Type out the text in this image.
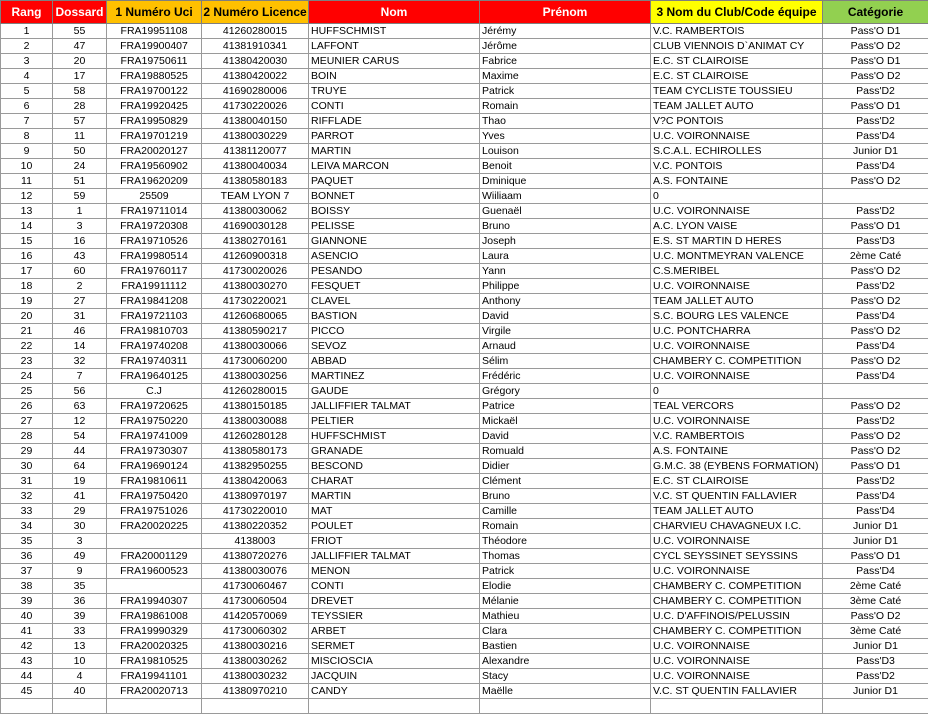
Rang	Dossard	1 Numéro Uci	2 Numéro Licence	Nom	Prénom	3 Nom du Club/Code équipe	Catégorie
1	55	FRA19951108	41260280015	HUFFSCHMIST	Jérémy	V.C. RAMBERTOIS	Pass'O D1
2	47	FRA19900407	41381910341	LAFFONT	Jérôme	CLUB VIENNOIS D`ANIMAT CY	Pass'O D2
3	20	FRA19750611	41380420030	MEUNIER CARUS	Fabrice	E.C. ST CLAIROISE	Pass'O D1
4	17	FRA19880525	41380420022	BOIN	Maxime	E.C. ST CLAIROISE	Pass'O D2
5	58	FRA19700122	41690280006	TRUYE	Patrick	TEAM CYCLISTE TOUSSIEU	Pass'D2
6	28	FRA19920425	41730220026	CONTI	Romain	TEAM JALLET AUTO	Pass'O D1
7	57	FRA19950829	41380040150	RIFFLADE	Thao	V?C PONTOIS	Pass'D2
8	11	FRA19701219	41380030229	PARROT	Yves	U.C. VOIRONNAISE	Pass'D4
9	50	FRA20020127	41381120077	MARTIN	Louison	S.C.A.L. ECHIROLLES	Junior D1
10	24	FRA19560902	41380040034	LEIVA MARCON	Benoit	V.C. PONTOIS	Pass'D4
11	51	FRA19620209	41380580183	PAQUET	Dminique	A.S. FONTAINE	Pass'O D2
12	59	25509	TEAM LYON 7	BONNET	Wiiliaam	0	
13	1	FRA19711014	41380030062	BOISSY	Guenaël	U.C. VOIRONNAISE	Pass'D2
14	3	FRA19720308	41690030128	PELISSE	Bruno	A.C. LYON VAISE	Pass'O D1
15	16	FRA19710526	41380270161	GIANNONE	Joseph	E.S. ST MARTIN D HERES	Pass'D3
16	43	FRA19980514	41260900318	ASENCIO	Laura	U.C. MONTMEYRAN VALENCE	2ème Caté
17	60	FRA19760117	41730020026	PESANDO	Yann	C.S.MERIBEL	Pass'O D2
18	2	FRA19911112	41380030270	FESQUET	Philippe	U.C. VOIRONNAISE	Pass'D2
19	27	FRA19841208	41730220021	CLAVEL	Anthony	TEAM JALLET AUTO	Pass'O D2
20	31	FRA19721103	41260680065	BASTION	David	S.C. BOURG LES VALENCE	Pass'D4
21	46	FRA19810703	41380590217	PICCO	Virgile	U.C. PONTCHARRA	Pass'O D2
22	14	FRA19740208	41380030066	SEVOZ	Arnaud	U.C. VOIRONNAISE	Pass'D4
23	32	FRA19740311	41730060200	ABBAD	Sélim	CHAMBERY C. COMPETITION	Pass'O D2
24	7	FRA19640125	41380030256	MARTINEZ	Frédéric	U.C. VOIRONNAISE	Pass'D4
25	56	C.J	41260280015	GAUDE	Grégory	0	
26	63	FRA19720625	41380150185	JALLIFFIER TALMAT	Patrice	TEAL VERCORS	Pass'O D2
27	12	FRA19750220	41380030088	PELTIER	Mickaël	U.C. VOIRONNAISE	Pass'D2
28	54	FRA19741009	41260280128	HUFFSCHMIST	David	V.C. RAMBERTOIS	Pass'O D2
29	44	FRA19730307	41380580173	GRANADE	Romuald	A.S. FONTAINE	Pass'O D2
30	64	FRA19690124	41382950255	BESCOND	Didier	G.M.C. 38 (EYBENS FORMATION)	Pass'O D1
31	19	FRA19810611	41380420063	CHARAT	Clément	E.C. ST CLAIROISE	Pass'D2
32	41	FRA19750420	41380970197	MARTIN	Bruno	V.C. ST QUENTIN FALLAVIER	Pass'D4
33	29	FRA19751026	41730220010	MAT	Camille	TEAM JALLET AUTO	Pass'D4
34	30	FRA20020225	41380220352	POULET	Romain	CHARVIEU CHAVAGNEUX I.C.	Junior D1
35	3		4138003	FRIOT	Théodore	U.C. VOIRONNAISE	Junior D1
36	49	FRA20001129	41380720276	JALLIFFIER TALMAT	Thomas	CYCL SEYSSINET SEYSSINS	Pass'O D1
37	9	FRA19600523	41380030076	MENON	Patrick	U.C. VOIRONNAISE	Pass'D4
38	35		41730060467	CONTI	Elodie	CHAMBERY C. COMPETITION	2ème Caté
39	36	FRA19940307	41730060504	DREVET	Mélanie	CHAMBERY C. COMPETITION	3ème Caté
40	39	FRA19861008	41420570069	TEYSSIER	Mathieu	U.C. D'AFFINOIS/PELUSSIN	Pass'O D2
41	33	FRA19990329	41730060302	ARBET	Clara	CHAMBERY C. COMPETITION	3ème Caté
42	13	FRA20020325	41380030216	SERMET	Bastien	U.C. VOIRONNAISE	Junior D1
43	10	FRA19810525	41380030262	MISCIOSCIA	Alexandre	U.C. VOIRONNAISE	Pass'D3
44	4	FRA19941101	41380030232	JACQUIN	Stacy	U.C. VOIRONNAISE	Pass'D2
45	40	FRA20020713	41380970210	CANDY	Maëlle	V.C. ST QUENTIN FALLAVIER	Junior D1
